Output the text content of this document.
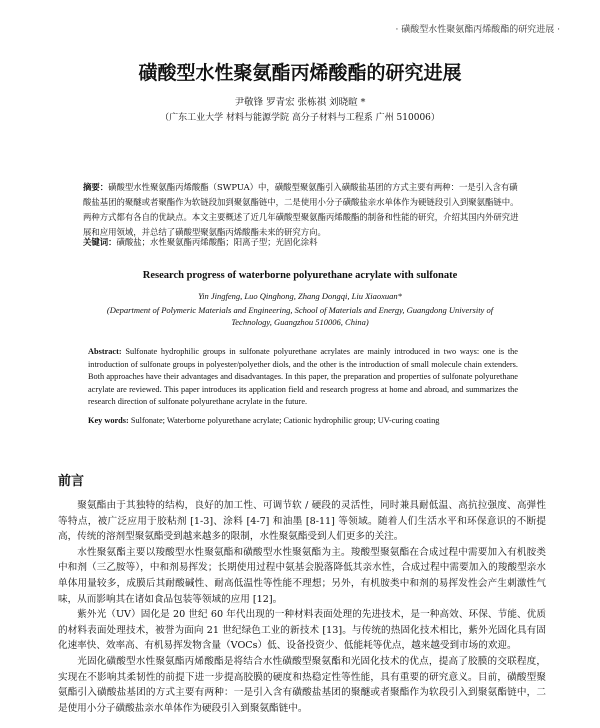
· 磺酸型水性聚氨酯丙烯酸酯的研究进展 ·
磺酸型水性聚氨酯丙烯酸酯的研究进展
尹敬锋 罗青宏 张栋祺 刘晓暄 *
（广东工业大学 材料与能源学院 高分子材料与工程系 广州 510006）
摘要：磺酸型水性聚氨酯丙烯酸酯（SWPUA）中，磺酸型聚氨酯引入磺酸盐基团的方式主要有两种：一是引入含有磺酸盐基团的聚醚或者聚酯作为软链段加到聚氨酯链中，二是使用小分子磺酸盐亲水单体作为硬链段引入到聚氨酯链中。两种方式都有各自的优缺点。本文主要概述了近几年磺酸型聚氨酯丙烯酸酯的制备和性能的研究，介绍其国内外研究进展和应用领域，并总结了磺酸型聚氨酯丙烯酸酯未来的研究方向。
关键词：磺酸盐；水性聚氨酯丙烯酸酯；阳离子型；光固化涂料
Research progress of waterborne polyurethane acrylate with sulfonate
Yin Jingfeng, Luo Qinghong, Zhang Dongqi, Liu Xiaoxuan*
(Department of Polymeric Materials and Engineering, School of Materials and Energy, Guangdong University of Technology, Guangzhou 510006, China)
Abstract: Sulfonate hydrophilic groups in sulfonate polyurethane acrylates are mainly introduced in two ways: one is the introduction of sulfonate groups in polyester/polyether diols, and the other is the introduction of small molecule chain extenders. Both approaches have their advantages and disadvantages. In this paper, the preparation and properties of sulfonate polyurethane acrylate are reviewed. This paper introduces its application field and research progress at home and abroad, and summarizes the research direction of sulfonate polyurethane acrylate in the future.
Key words: Sulfonate; Waterborne polyurethane acrylate; Cationic hydrophilic group; UV-curing coating
前言

聚氨酯由于其独特的结构，良好的加工性、可调节软 / 硬段的灵活性，同时兼具耐低温、高抗拉强度、高弹性等特点，被广泛应用于胶粘剂 [1-3]、涂料 [4-7] 和油墨 [8-11] 等领域。随着人们生活水平和环保意识的不断提高，传统的溶剂型聚氨酯受到越来越多的限制，水性聚氨酯受到人们更多的关注。

水性聚氨酯主要以羧酸型水性聚氨酯和磺酸型水性聚氨酯为主。羧酸型聚氨酯在合成过程中需要加入有机胺类中和剂（三乙胺等），中和剂易挥发；长期使用过程中氨基会脱落降低其亲水性，合成过程中需要加入的羧酸型亲水单体用量较多，成膜后其耐酸碱性、耐高低温性等性能不理想；另外，有机胺类中和剂的易挥发性会产生刺激性气味，从而影响其在诸如食品包装等领域的应用 [12]。

紫外光（UV）固化是 20 世纪 60 年代出现的一种材料表面处理的先进技术，是一种高效、环保、节能、优质的材料表面处理技术，被誉为面向 21 世纪绿色工业的新技术 [13]。与传统的热固化技术相比，紫外光固化具有固化速率快、效率高、有机易挥发物含量（VOCs）低、设备投资少、低能耗等优点，越来越受到市场的欢迎。

光固化磺酸型水性聚氨酯丙烯酸酯是将结合水性磺酸型聚氨酯和光固化技术的优点，提高了胶膜的交联程度，实现在不影响其柔韧性的前提下进一步提高胶膜的硬度和热稳定性等性能，具有重要的研究意义。目前，磺酸型聚氨酯引入磺酸盐基团的方式主要有两种：一是引入含有磺酸盐基团的聚醚或者聚酯作为软段引入到聚氨酯链中，二是使用小分子磺酸盐亲水单体作为硬段引入到聚氨酯链中。
